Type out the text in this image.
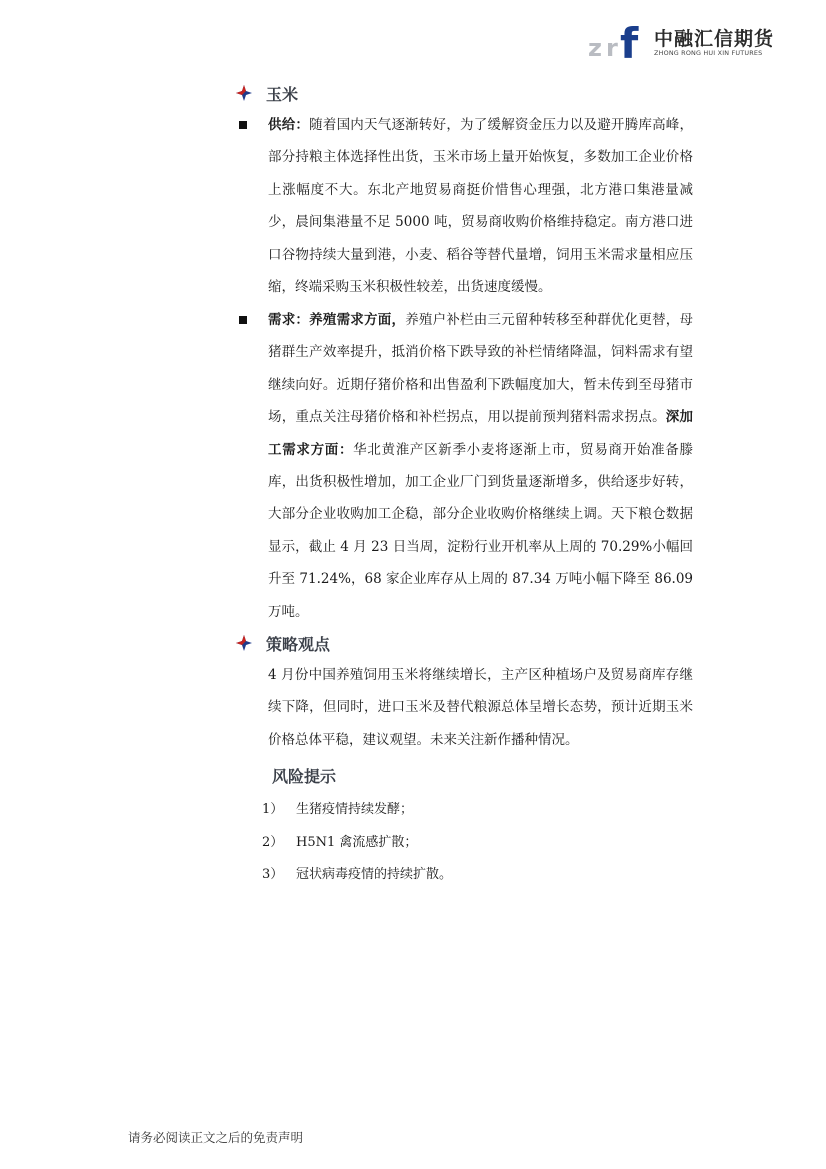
z r f 中融汇信期货
ZHONG RONG HUI XIN FUTURES
玉米

供给：随着国内天气逐渐转好，为了缓解资金压力以及避开腾库高峰，部分持粮主体选择性出货，玉米市场上量开始恢复，多数加工企业价格上涨幅度不大。东北产地贸易商挺价惜售心理强，北方港口集港量减少，晨间集港量不足 5000 吨，贸易商收购价格维持稳定。南方港口进口谷物持续大量到港，小麦、稻谷等替代量增，饲用玉米需求量相应压缩，终端采购玉米积极性较差，出货速度缓慢。

需求：养殖需求方面，养殖户补栏由三元留种转移至种群优化更替，母猪群生产效率提升，抵消价格下跌导致的补栏情绪降温，饲料需求有望继续向好。近期仔猪价格和出售盈利下跌幅度加大，暂未传到至母猪市场，重点关注母猪价格和补栏拐点，用以提前预判猪料需求拐点。深加工需求方面：华北黄淮产区新季小麦将逐渐上市，贸易商开始准备滕库，出货积极性增加，加工企业厂门到货量逐渐增多，供给逐步好转，大部分企业收购加工企稳，部分企业收购价格继续上调。天下粮仓数据显示，截止 4 月 23 日当周，淀粉行业开机率从上周的 70.29%小幅回升至 71.24%，68 家企业库存从上周的 87.34 万吨小幅下降至 86.09 万吨。

策略观点

4 月份中国养殖饲用玉米将继续增长，主产区种植场户及贸易商库存继续下降，但同时，进口玉米及替代粮源总体呈增长态势，预计近期玉米价格总体平稳，建议观望。未来关注新作播种情况。

风险提示
1） 生猪疫情持续发酵；
2） H5N1 禽流感扩散；
3） 冠状病毒疫情的持续扩散。
请务必阅读正文之后的免责声明
